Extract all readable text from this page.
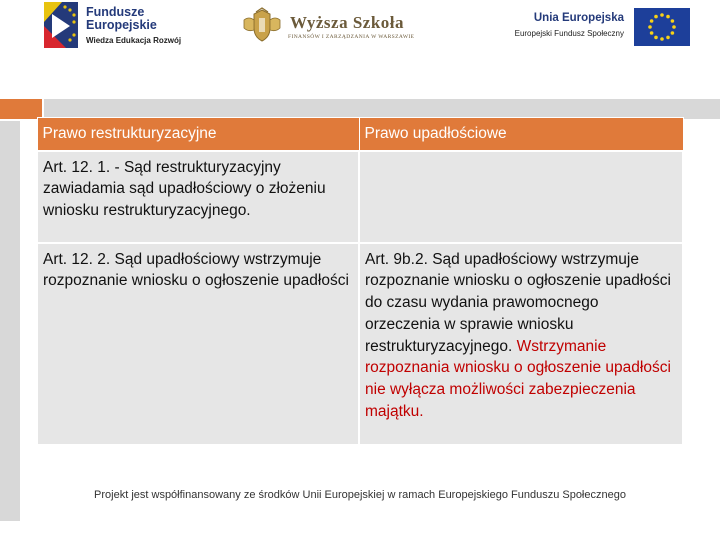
Fundusze
Europejskie
Wiedza Edukacja Rozwój
Wyższa Szkoła
FINANSÓW I ZARZĄDZANIA W WARSZAWIE
Unia Europejska
Europejski Fundusz Społeczny
Prawo restrukturyzacyjne	Prawo upadłościowe
Art. 12. 1. - Sąd restrukturyzacyjny zawiadamia sąd upadłościowy o złożeniu wniosku restrukturyzacyjnego.	
Art. 12. 2. Sąd upadłościowy wstrzymuje rozpoznanie wniosku o ogłoszenie upadłości	Art. 9b.2. Sąd upadłościowy wstrzymuje rozpoznanie wniosku o ogłoszenie upadłości do czasu wydania prawomocnego orzeczenia w sprawie wniosku restrukturyzacyjnego. Wstrzymanie rozpoznania wniosku o ogłoszenie upadłości nie wyłącza możliwości zabezpieczenia majątku.
Projekt jest współfinansowany ze środków Unii Europejskiej w ramach Europejskiego Funduszu Społecznego
